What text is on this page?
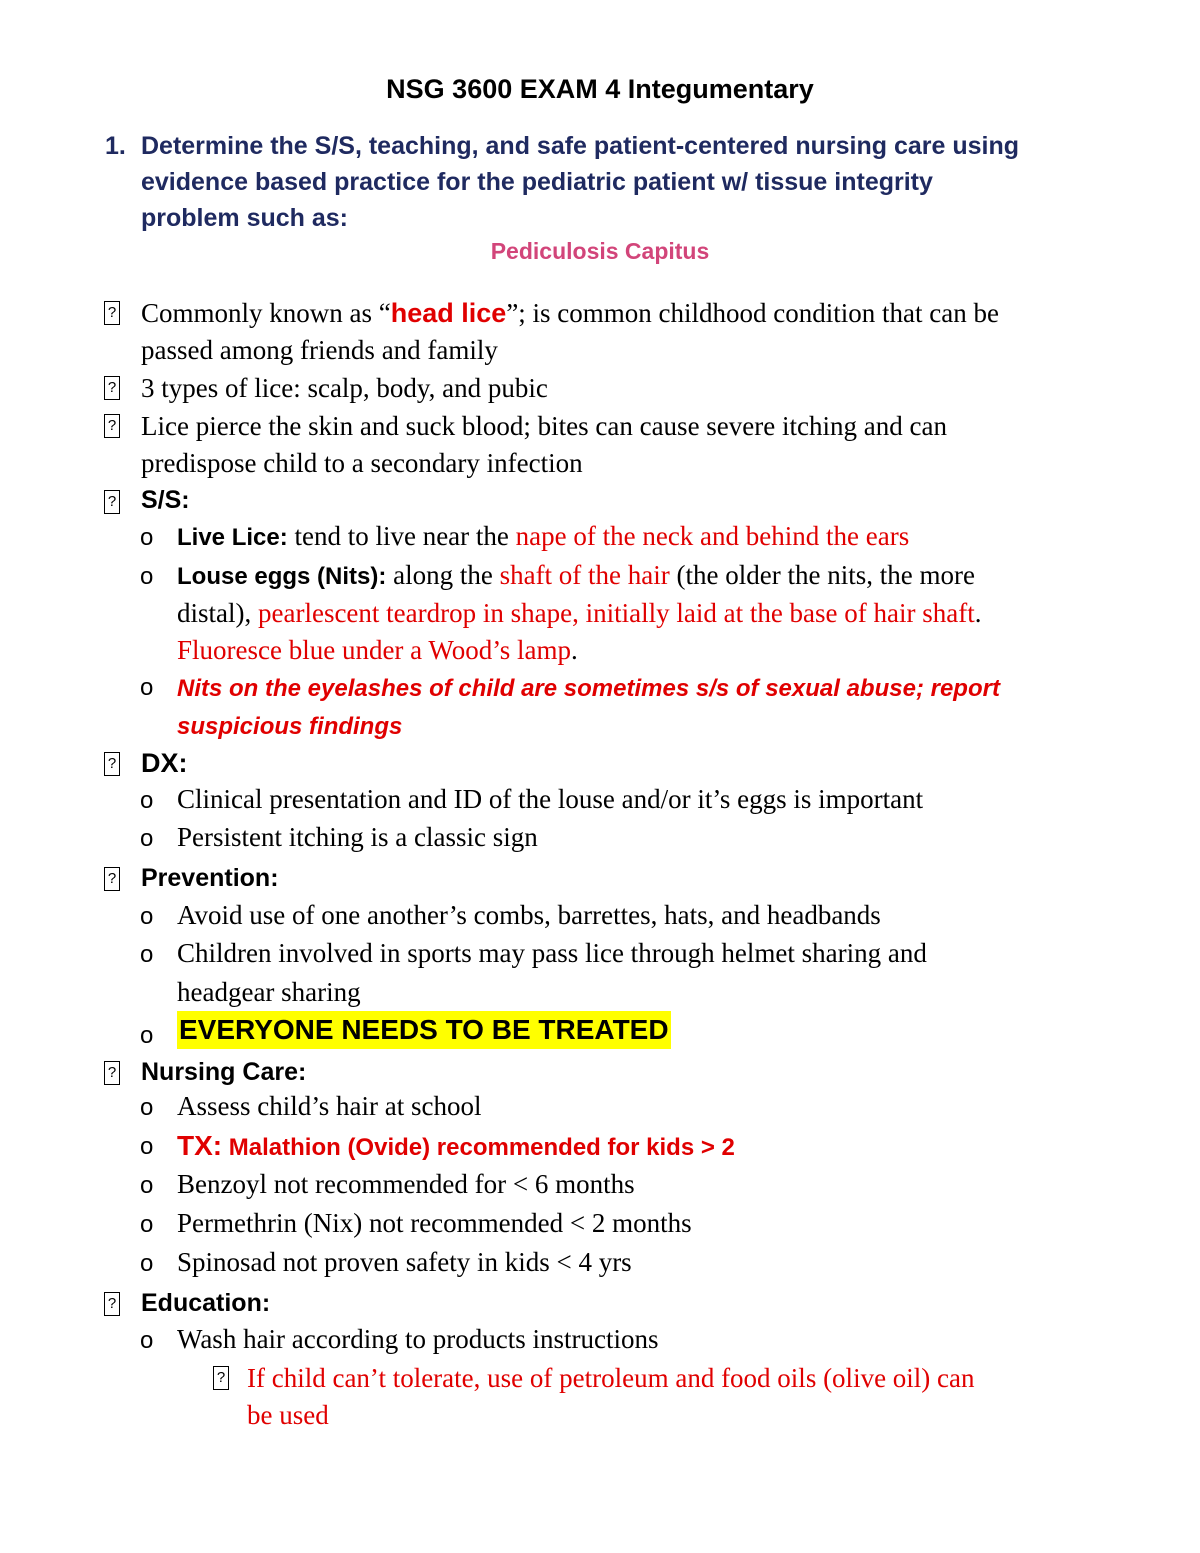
NSG 3600 EXAM 4 Integumentary
1. Determine the S/S, teaching, and safe patient-centered nursing care using
evidence based practice for the pediatric patient w/ tissue integrity
problem such as:
Pediculosis Capitus
? Commonly known as “head lice”; is common childhood condition that can be
passed among friends and family
? 3 types of lice: scalp, body, and pubic
? Lice pierce the skin and suck blood; bites can cause severe itching and can
predispose child to a secondary infection
? S/S:
o Live Lice: tend to live near the nape of the neck and behind the ears
o Louse eggs (Nits): along the shaft of the hair (the older the nits, the more
distal), pearlescent teardrop in shape, initially laid at the base of hair shaft.
Fluoresce blue under a Wood’s lamp.
o Nits on the eyelashes of child are sometimes s/s of sexual abuse; report
suspicious findings
? DX:
o Clinical presentation and ID of the louse and/or it’s eggs is important
o Persistent itching is a classic sign
? Prevention:
o Avoid use of one another’s combs, barrettes, hats, and headbands
o Children involved in sports may pass lice through helmet sharing and
headgear sharing
o EVERYONE NEEDS TO BE TREATED
? Nursing Care:
o Assess child’s hair at school
o TX: Malathion (Ovide) recommended for kids > 2
o Benzoyl not recommended for < 6 months
o Permethrin (Nix) not recommended < 2 months
o Spinosad not proven safety in kids < 4 yrs
? Education:
o Wash hair according to products instructions
? If child can’t tolerate, use of petroleum and food oils (olive oil) can
be used
